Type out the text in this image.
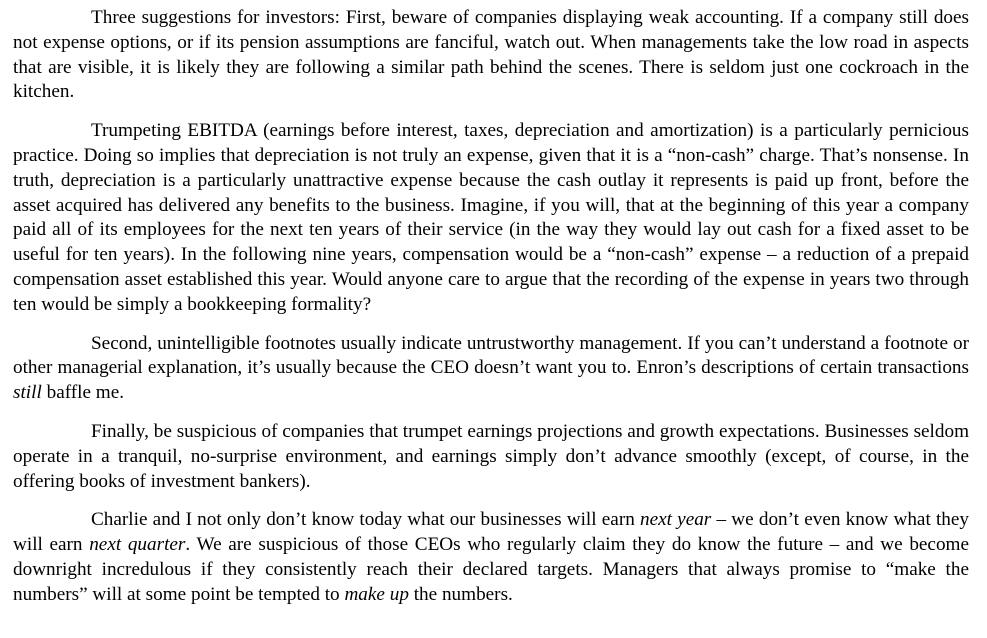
Three suggestions for investors: First, beware of companies displaying weak accounting. If a company still does not expense options, or if its pension assumptions are fanciful, watch out. When managements take the low road in aspects that are visible, it is likely they are following a similar path behind the scenes. There is seldom just one cockroach in the kitchen.

Trumpeting EBITDA (earnings before interest, taxes, depreciation and amortization) is a particularly pernicious practice. Doing so implies that depreciation is not truly an expense, given that it is a “non-cash” charge. That’s nonsense. In truth, depreciation is a particularly unattractive expense because the cash outlay it represents is paid up front, before the asset acquired has delivered any benefits to the business. Imagine, if you will, that at the beginning of this year a company paid all of its employees for the next ten years of their service (in the way they would lay out cash for a fixed asset to be useful for ten years). In the following nine years, compensation would be a “non-cash” expense – a reduction of a prepaid compensation asset established this year. Would anyone care to argue that the recording of the expense in years two through ten would be simply a bookkeeping formality?

Second, unintelligible footnotes usually indicate untrustworthy management. If you can’t understand a footnote or other managerial explanation, it’s usually because the CEO doesn’t want you to. Enron’s descriptions of certain transactions still baffle me.

Finally, be suspicious of companies that trumpet earnings projections and growth expectations. Businesses seldom operate in a tranquil, no-surprise environment, and earnings simply don’t advance smoothly (except, of course, in the offering books of investment bankers).

Charlie and I not only don’t know today what our businesses will earn next year – we don’t even know what they will earn next quarter. We are suspicious of those CEOs who regularly claim they do know the future – and we become downright incredulous if they consistently reach their declared targets. Managers that always promise to “make the numbers” will at some point be tempted to make up the numbers.
